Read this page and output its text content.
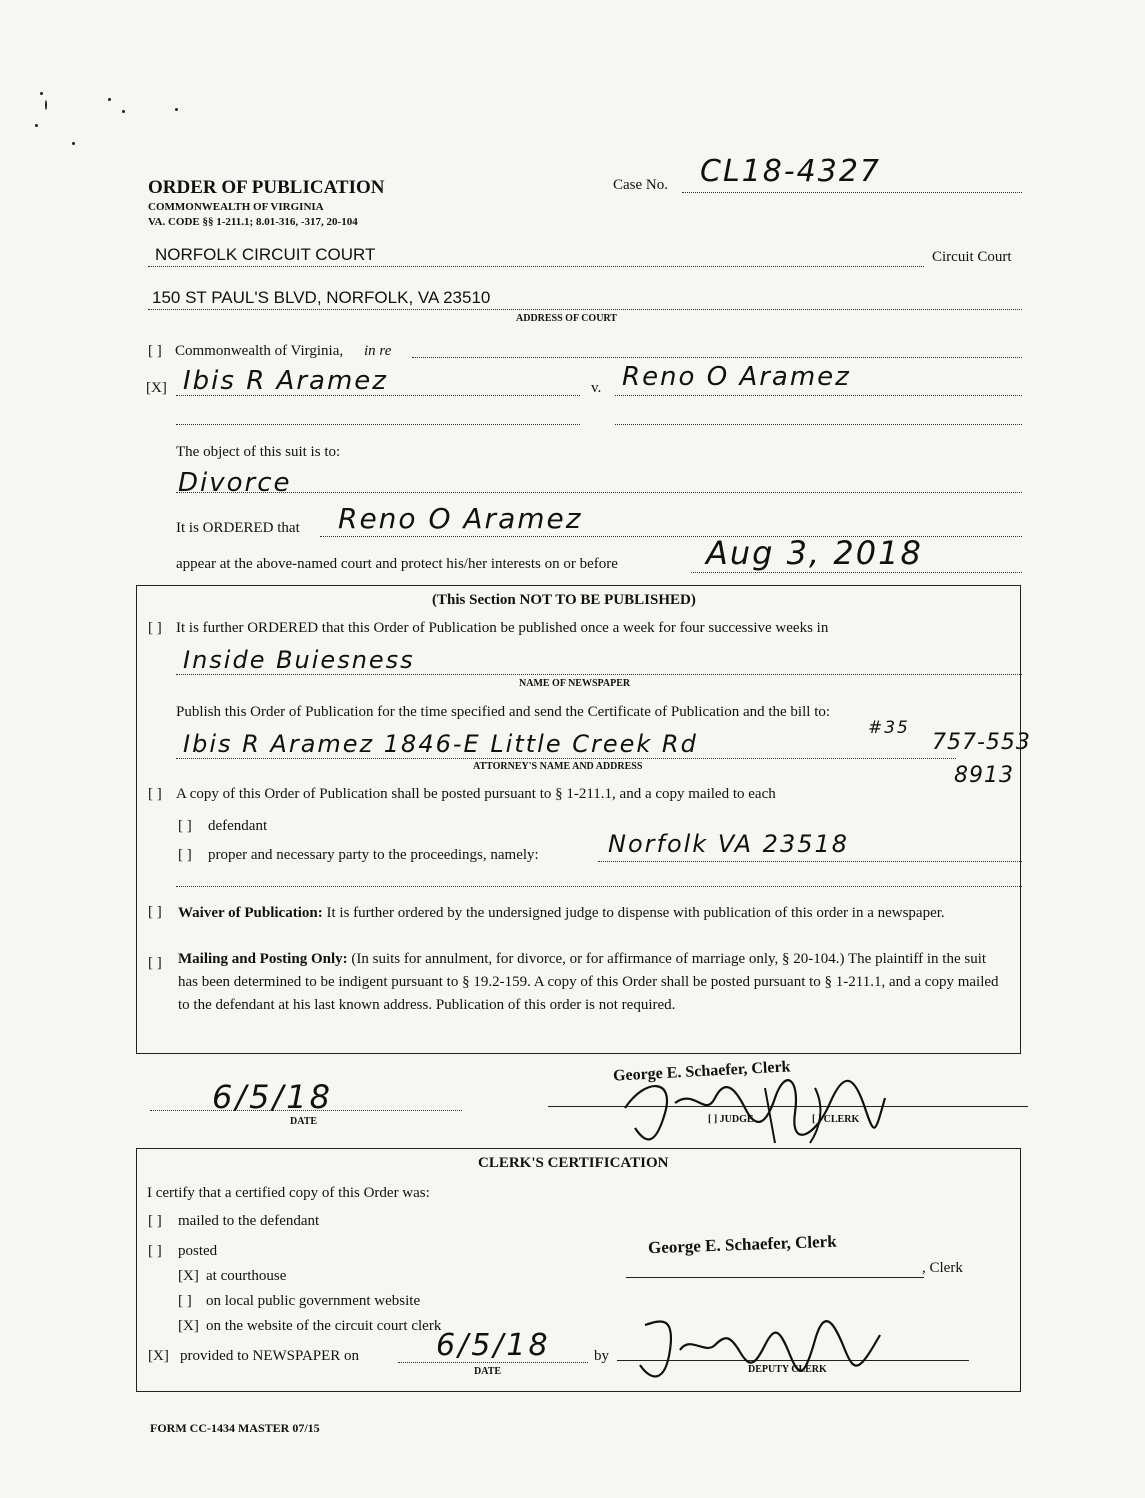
ORDER OF PUBLICATION
COMMONWEALTH OF VIRGINIA
VA. CODE §§ 1-211.1; 8.01-316, -317, 20-104
Case No. CL18-4327
NORFOLK CIRCUIT COURT	Circuit Court
150 ST PAUL'S BLVD, NORFOLK, VA 23510
ADDRESS OF COURT
[ ] Commonwealth of Virginia, in re
[X] Ibis R Aramez	v. Reno O Aramez
The object of this suit is to:
Divorce
It is ORDERED that Reno O Aramez
appear at the above-named court and protect his/her interests on or before	Aug 3, 2018
(This Section NOT TO BE PUBLISHED)
[ ] It is further ORDERED that this Order of Publication be published once a week for four successive weeks in
Inside Buiesness
NAME OF NEWSPAPER
Publish this Order of Publication for the time specified and send the Certificate of Publication and the bill to:
Ibis R Aramez 1846-E Little Creek Rd
#35
757-553
ATTORNEY'S NAME AND ADDRESS	8913
[ ] A copy of this Order of Publication shall be posted pursuant to § 1-211.1, and a copy mailed to each
[ ] defendant
[ ] proper and necessary party to the proceedings, namely:	Norfolk VA 23518
[ ] Waiver of Publication: It is further ordered by the undersigned judge to dispense with publication of this order in a newspaper.
[ ] Mailing and Posting Only: (In suits for annulment, for divorce, or for affirmance of marriage only, § 20-104.) The plaintiff in the suit has been determined to be indigent pursuant to § 19.2-159. A copy of this Order shall be posted pursuant to § 1-211.1, and a copy mailed to the defendant at his last known address. Publication of this order is not required.
6/5/18
DATE
George E. Schaefer, Clerk
[ ] JUDGE	[ ] CLERK
CLERK'S CERTIFICATION
I certify that a certified copy of this Order was:
[ ] mailed to the defendant
[ ] posted
[X] at courthouse
[ ] on local public government website
[X] on the website of the circuit court clerk
[X] provided to NEWSPAPER on	6/5/18
DATE
by
George E. Schaefer, Clerk
, Clerk
DEPUTY CLERK
FORM CC-1434 MASTER 07/15
